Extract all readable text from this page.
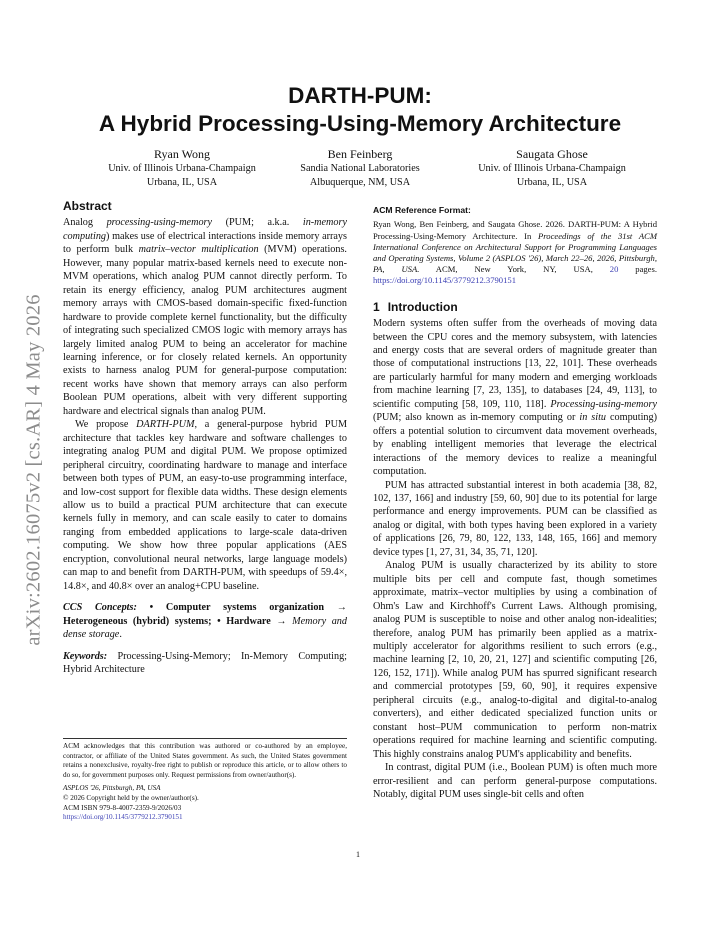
arXiv:2602.16075v2 [cs.AR] 4 May 2026
DARTH-PUM:
A Hybrid Processing-Using-Memory Architecture
Ryan Wong
Univ. of Illinois Urbana-Champaign
Urbana, IL, USA
Ben Feinberg
Sandia National Laboratories
Albuquerque, NM, USA
Saugata Ghose
Univ. of Illinois Urbana-Champaign
Urbana, IL, USA
Abstract

Analog processing-using-memory (PUM; a.k.a. in-memory computing) makes use of electrical interactions inside memory arrays to perform bulk matrix–vector multiplication (MVM) operations. However, many popular matrix-based kernels need to execute non-MVM operations, which analog PUM cannot directly perform. To retain its energy efficiency, analog PUM architectures augment memory arrays with CMOS-based domain-specific fixed-function hardware to provide complete kernel functionality, but the difficulty of integrating such specialized CMOS logic with memory arrays has largely limited analog PUM to being an accelerator for machine learning inference, or for closely related kernels. An opportunity exists to harness analog PUM for general-purpose computation: recent works have shown that memory arrays can also perform Boolean PUM operations, albeit with very different supporting hardware and electrical signals than analog PUM.

We propose DARTH-PUM, a general-purpose hybrid PUM architecture that tackles key hardware and software challenges to integrating analog PUM and digital PUM. We propose optimized peripheral circuitry, coordinating hardware to manage and interface between both types of PUM, an easy-to-use programming interface, and low-cost support for flexible data widths. These design elements allow us to build a practical PUM architecture that can execute kernels fully in memory, and can scale easily to cater to domains ranging from embedded applications to large-scale data-driven computing. We show how three popular applications (AES encryption, convolutional neural networks, large language models) can map to and benefit from DARTH-PUM, with speedups of 59.4×, 14.8×, and 40.8× over an analog+CPU baseline.

CCS Concepts: • Computer systems organization → Heterogeneous (hybrid) systems; • Hardware → Memory and dense storage.

Keywords: Processing-Using-Memory; In-Memory Computing; Hybrid Architecture

ACM acknowledges that this contribution was authored or co-authored by an employee, contractor, or affiliate of the United States government. As such, the United States government retains a nonexclusive, royalty-free right to publish or reproduce this article, or to allow others to do so, for government purposes only. Request permissions from owner/author(s).

ASPLOS '26, Pittsburgh, PA, USA
© 2026 Copyright held by the owner/author(s).
ACM ISBN 979-8-4007-2359-9/2026/03
https://doi.org/10.1145/3779212.3790151
ACM Reference Format:

Ryan Wong, Ben Feinberg, and Saugata Ghose. 2026. DARTH-PUM: A Hybrid Processing-Using-Memory Architecture. In Proceedings of the 31st ACM International Conference on Architectural Support for Programming Languages and Operating Systems, Volume 2 (ASPLOS '26), March 22–26, 2026, Pittsburgh, PA, USA. ACM, New York, NY, USA, 20 pages. https://doi.org/10.1145/3779212.3790151

1 Introduction

Modern systems often suffer from the overheads of moving data between the CPU cores and the memory subsystem, with latencies and energy costs that are several orders of magnitude greater than those of computational instructions [13, 22, 101]. These overheads are particularly harmful for many modern and emerging workloads from machine learning [7, 23, 135], to databases [24, 49, 113], to scientific computing [58, 109, 110, 118]. Processing-using-memory (PUM; also known as in-memory computing or in situ computing) offers a potential solution to circumvent data movement overheads, by enabling intelligent memories that leverage the electrical interactions of the memory devices to realize a meaningful computation.

PUM has attracted substantial interest in both academia [38, 82, 102, 137, 166] and industry [59, 60, 90] due to its potential for large performance and energy improvements. PUM can be classified as analog or digital, with both types having been explored in a variety of applications [26, 79, 80, 122, 133, 148, 165, 166] and memory device types [1, 27, 31, 34, 35, 71, 120].

Analog PUM is usually characterized by its ability to store multiple bits per cell and compute fast, though sometimes approximate, matrix–vector multiplies by using a combination of Ohm's Law and Kirchhoff's Current Laws. Although promising, analog PUM is susceptible to noise and other analog non-idealities; therefore, analog PUM has primarily been applied as a matrix-multiply accelerator for algorithms resilient to such errors (e.g., machine learning [2, 10, 20, 21, 127] and scientific computing [26, 126, 152, 171]). While analog PUM has spurred significant research and commercial prototypes [59, 60, 90], it requires expensive peripheral circuits (e.g., analog-to-digital and digital-to-analog converters), and either dedicated specialized function units or constant host–PUM communication to perform non-matrix operations required for machine learning and scientific computing. This highly constrains analog PUM's applicability and benefits.

In contrast, digital PUM (i.e., Boolean PUM) is often much more error-resilient and can perform general-purpose computations. Notably, digital PUM uses single-bit cells and often

1
